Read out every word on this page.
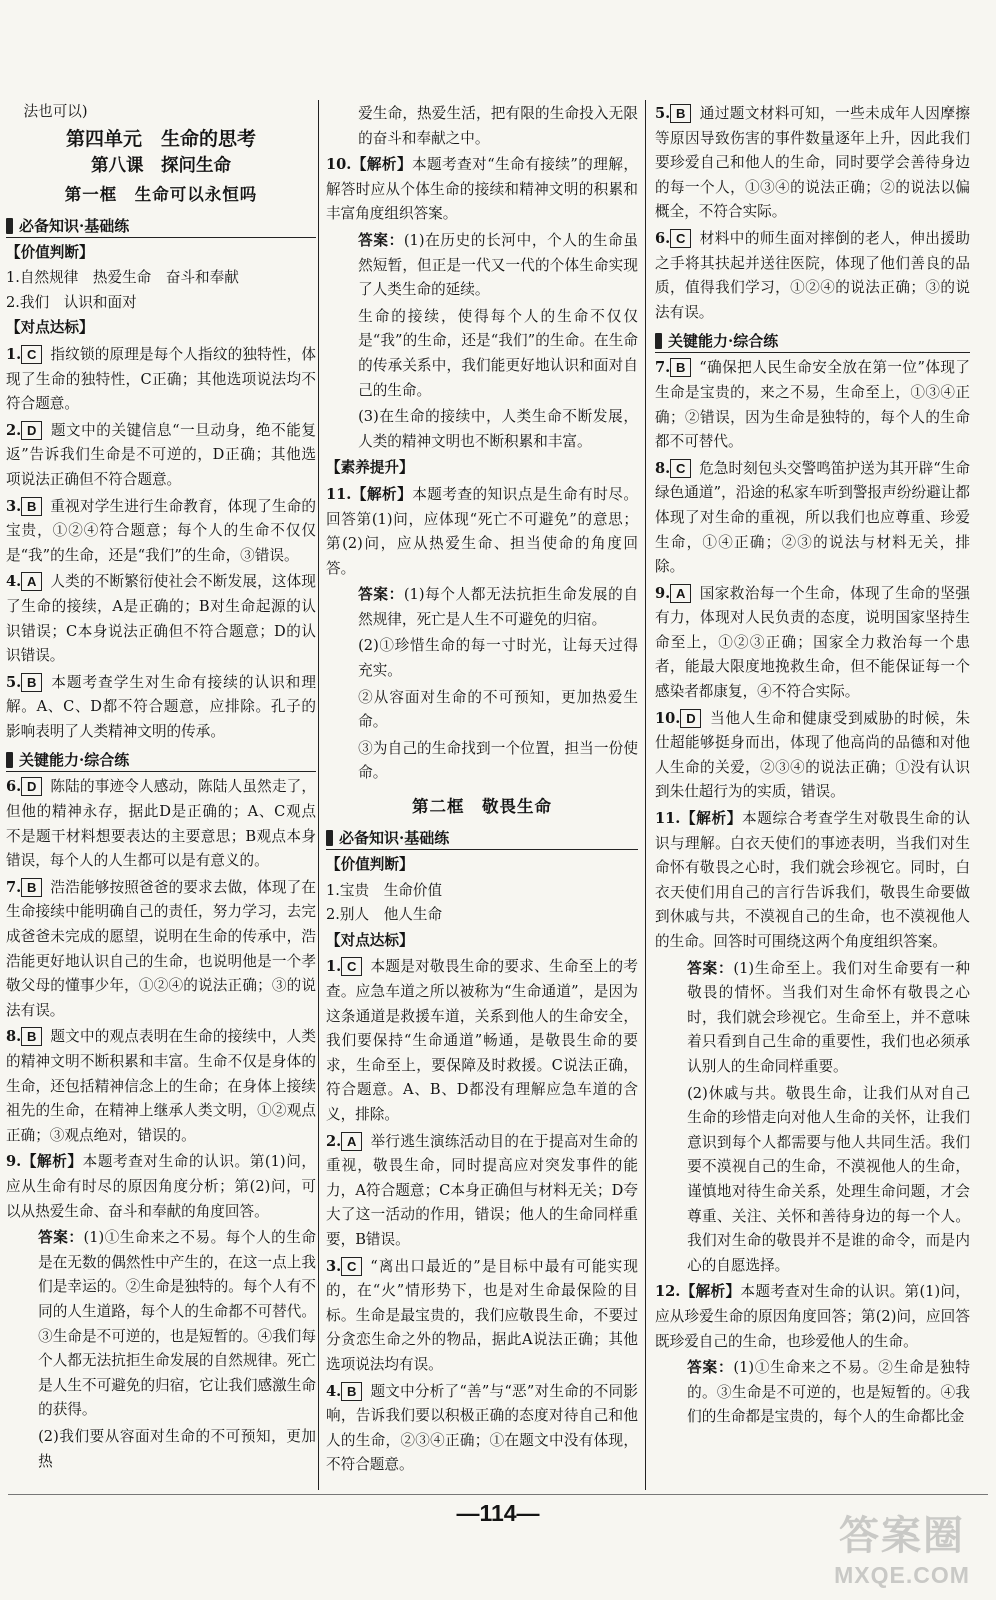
法也可以)

第四单元　生命的思考
第八课　探问生命
第一框　生命可以永恒吗
必备知识·基础练
【价值判断】

1.自然规律　热爱生命　奋斗和奉献

2.我们　认识和面对

【对点达标】

1. C 指纹锁的原理是每个人指纹的独特性，体现了生命的独特性，C正确；其他选项说法均不符合题意。

2. D 题文中的关键信息“一旦动身，绝不能复返”告诉我们生命是不可逆的，D正确；其他选项说法正确但不符合题意。

3. B 重视对学生进行生命教育，体现了生命的宝贵，①②④符合题意；每个人的生命不仅仅是“我”的生命，还是“我们”的生命，③错误。

4. A 人类的不断繁衍使社会不断发展，这体现了生命的接续，A是正确的；B对生命起源的认识错误；C本身说法正确但不符合题意；D的认识错误。

5. B 本题考查学生对生命有接续的认识和理解。A、C、D都不符合题意，应排除。孔子的影响表明了人类精神文明的传承。

关键能力·综合练

6. D 陈陆的事迹令人感动，陈陆人虽然走了，但他的精神永存，据此D是正确的；A、C观点不是题干材料想要表达的主要意思；B观点本身错误，每个人的人生都可以是有意义的。

7. B 浩浩能够按照爸爸的要求去做，体现了在生命接续中能明确自己的责任，努力学习，去完成爸爸未完成的愿望，说明在生命的传承中，浩浩能更好地认识自己的生命，也说明他是一个孝敬父母的懂事少年，①②④的说法正确；③的说法有误。

8. B 题文中的观点表明在生命的接续中，人类的精神文明不断积累和丰富。生命不仅是身体的生命，还包括精神信念上的生命；在身体上接续祖先的生命，在精神上继承人类文明，①②观点正确；③观点绝对，错误的。

9.【解析】本题考查对生命的认识。第(1)问，应从生命有时尽的原因角度分析；第(2)问，可以从热爱生命、奋斗和奉献的角度回答。

答案：(1)①生命来之不易。每个人的生命是在无数的偶然性中产生的，在这一点上我们是幸运的。②生命是独特的。每个人有不同的人生道路，每个人的生命都不可替代。③生命是不可逆的，也是短暂的。④我们每个人都无法抗拒生命发展的自然规律。死亡是人生不可避免的归宿，它让我们感激生命的获得。

(2)我们要从容面对生命的不可预知，更加热

爱生命，热爱生活，把有限的生命投入无限的奋斗和奉献之中。

10.【解析】本题考查对“生命有接续”的理解，解答时应从个体生命的接续和精神文明的积累和丰富角度组织答案。

答案：(1)在历史的长河中，个人的生命虽然短暂，但正是一代又一代的个体生命实现了人类生命的延续。

生命的接续，使得每个人的生命不仅仅是“我”的生命，还是“我们”的生命。在生命的传承关系中，我们能更好地认识和面对自己的生命。

(3)在生命的接续中，人类生命不断发展，人类的精神文明也不断积累和丰富。

【素养提升】

11.【解析】本题考查的知识点是生命有时尽。回答第(1)问，应体现“死亡不可避免”的意思；第(2)问，应从热爱生命、担当使命的角度回答。

答案：(1)每个人都无法抗拒生命发展的自然规律，死亡是人生不可避免的归宿。

(2)①珍惜生命的每一寸时光，让每天过得充实。

②从容面对生命的不可预知，更加热爱生命。

③为自己的生命找到一个位置，担当一份使命。

第二框　敬畏生命
必备知识·基础练
【价值判断】

1.宝贵　生命价值

2.别人　他人生命

【对点达标】

1. C 本题是对敬畏生命的要求、生命至上的考查。应急车道之所以被称为“生命通道”，是因为这条通道是救援车道，关系到他人的生命安全，我们要保持“生命通道”畅通，是敬畏生命的要求，生命至上，要保障及时救援。C说法正确，符合题意。A、B、D都没有理解应急车道的含义，排除。

2. A 举行逃生演练活动目的在于提高对生命的重视，敬畏生命，同时提高应对突发事件的能力，A符合题意；C本身正确但与材料无关；D夸大了这一活动的作用，错误；他人的生命同样重要，B错误。

3. C “离出口最近的”是目标中最有可能实现的，在“火”情形势下，也是对生命最保险的目标。生命是最宝贵的，我们应敬畏生命，不要过分贪恋生命之外的物品，据此A说法正确；其他选项说法均有误。

4. B 题文中分析了“善”与“恶”对生命的不同影响，告诉我们要以积极正确的态度对待自己和他人的生命，②③④正确；①在题文中没有体现，不符合题意。

5. B 通过题文材料可知，一些未成年人因摩擦等原因导致伤害的事件数量逐年上升，因此我们要珍爱自己和他人的生命，同时要学会善待身边的每一个人，①③④的说法正确；②的说法以偏概全，不符合实际。

6. C 材料中的师生面对摔倒的老人，伸出援助之手将其扶起并送往医院，体现了他们善良的品质，值得我们学习，①②④的说法正确；③的说法有误。

关键能力·综合练

7. B “确保把人民生命安全放在第一位”体现了生命是宝贵的，来之不易，生命至上，①③④正确；②错误，因为生命是独特的，每个人的生命都不可替代。

8. C 危急时刻包头交警鸣笛护送为其开辟“生命绿色通道”，沿途的私家车听到警报声纷纷避让都体现了对生命的重视，所以我们也应尊重、珍爱生命，①④正确；②③的说法与材料无关，排除。

9. A 国家救治每一个生命，体现了生命的坚强有力，体现对人民负责的态度，说明国家坚持生命至上，①②③正确；国家全力救治每一个患者，能最大限度地挽救生命，但不能保证每一个感染者都康复，④不符合实际。

10. D 当他人生命和健康受到威胁的时候，朱仕超能够挺身而出，体现了他高尚的品德和对他人生命的关爱，②③④的说法正确；①没有认识到朱仕超行为的实质，错误。

11.【解析】本题综合考查学生对敬畏生命的认识与理解。白衣天使们的事迹表明，当我们对生命怀有敬畏之心时，我们就会珍视它。同时，白衣天使们用自己的言行告诉我们，敬畏生命要做到休戚与共，不漠视自己的生命，也不漠视他人的生命。回答时可围绕这两个角度组织答案。

答案：(1)生命至上。我们对生命要有一种敬畏的情怀。当我们对生命怀有敬畏之心时，我们就会珍视它。生命至上，并不意味着只看到自己生命的重要性，我们也必须承认别人的生命同样重要。

(2)休戚与共。敬畏生命，让我们从对自己生命的珍惜走向对他人生命的关怀，让我们意识到每个人都需要与他人共同生活。我们要不漠视自己的生命，不漠视他人的生命，谨慎地对待生命关系，处理生命问题，才会尊重、关注、关怀和善待身边的每一个人。我们对生命的敬畏并不是谁的命令，而是内心的自愿选择。

12.【解析】本题考查对生命的认识。第(1)问，应从珍爱生命的原因角度回答；第(2)问，应回答既珍爱自己的生命，也珍爱他人的生命。

答案：(1)①生命来之不易。②生命是独特的。③生命是不可逆的，也是短暂的。④我们的生命都是宝贵的，每个人的生命都比金

—114—
答案圈
MXQE.COM
